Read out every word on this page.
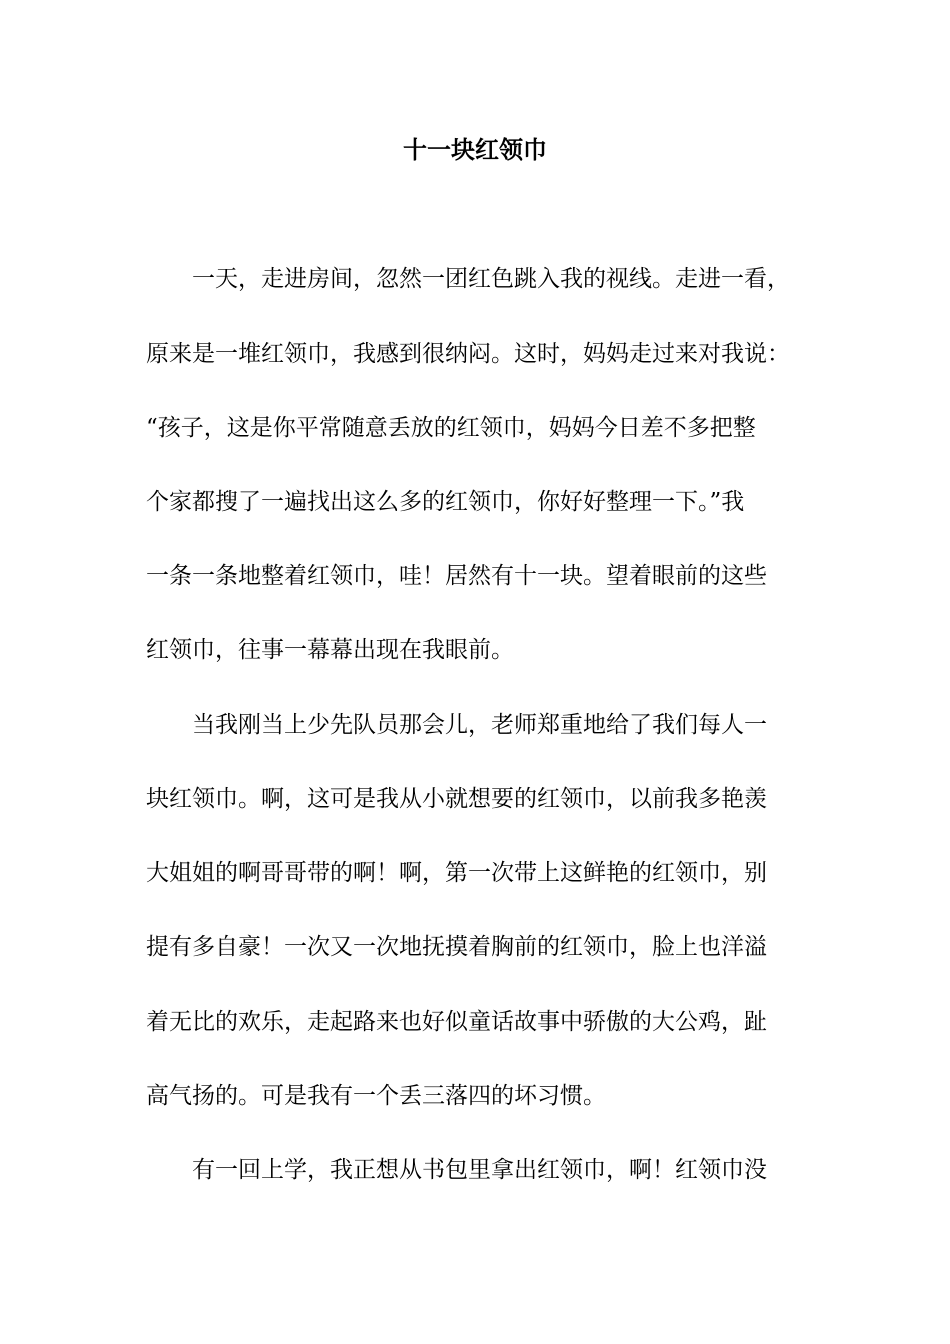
十一块红领巾

一天，走进房间，忽然一团红色跳入我的视线。走进一看，

原来是一堆红领巾，我感到很纳闷。这时，妈妈走过来对我说：

“孩子，这是你平常随意丢放的红领巾，妈妈今日差不多把整

个家都搜了一遍找出这么多的红领巾，你好好整理一下。”我

一条一条地整着红领巾，哇！居然有十一块。望着眼前的这些

红领巾，往事一幕幕出现在我眼前。

当我刚当上少先队员那会儿，老师郑重地给了我们每人一

块红领巾。啊，这可是我从小就想要的红领巾，以前我多艳羡

大姐姐的啊哥哥带的啊！啊，第一次带上这鲜艳的红领巾，别

提有多自豪！一次又一次地抚摸着胸前的红领巾，脸上也洋溢

着无比的欢乐，走起路来也好似童话故事中骄傲的大公鸡，趾

高气扬的。可是我有一个丢三落四的坏习惯。

有一回上学，我正想从书包里拿出红领巾，啊！红领巾没
